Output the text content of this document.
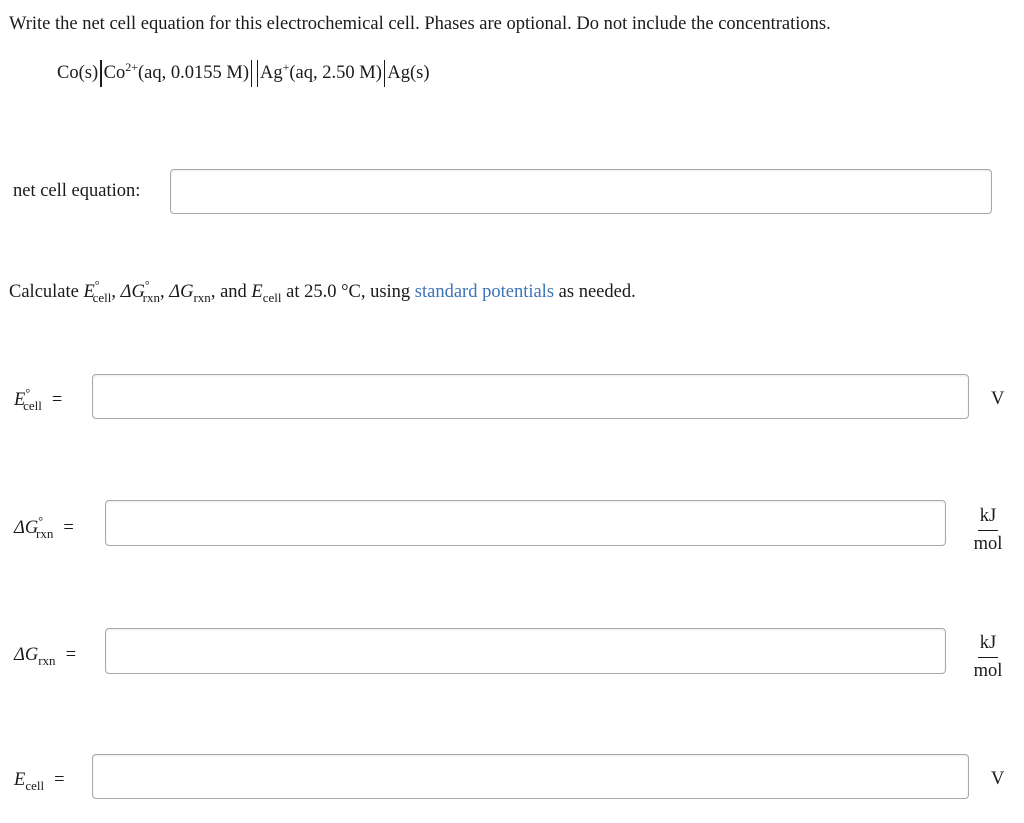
Write the net cell equation for this electrochemical cell. Phases are optional. Do not include the concentrations.
Co(s) $Co^{2+}$ (aq, 0.0155 M) Ag+ (aq, 2.50 M) Ag(s)
net cell equation:
Calculate $E^\circ_{cell}$, $\Delta G^\circ_{rxn}$, $\Delta G_{rxn}$, and $E_{cell}$ at 25.0 °C, using standard potentials as needed.
$E^\circ_{cell}$ =	V
$\Delta G^\circ_{rxn}$ =
kJ
mol
$\Delta G_{rxn}$ =
kJ
mol
$E_{cell}$ =	V
